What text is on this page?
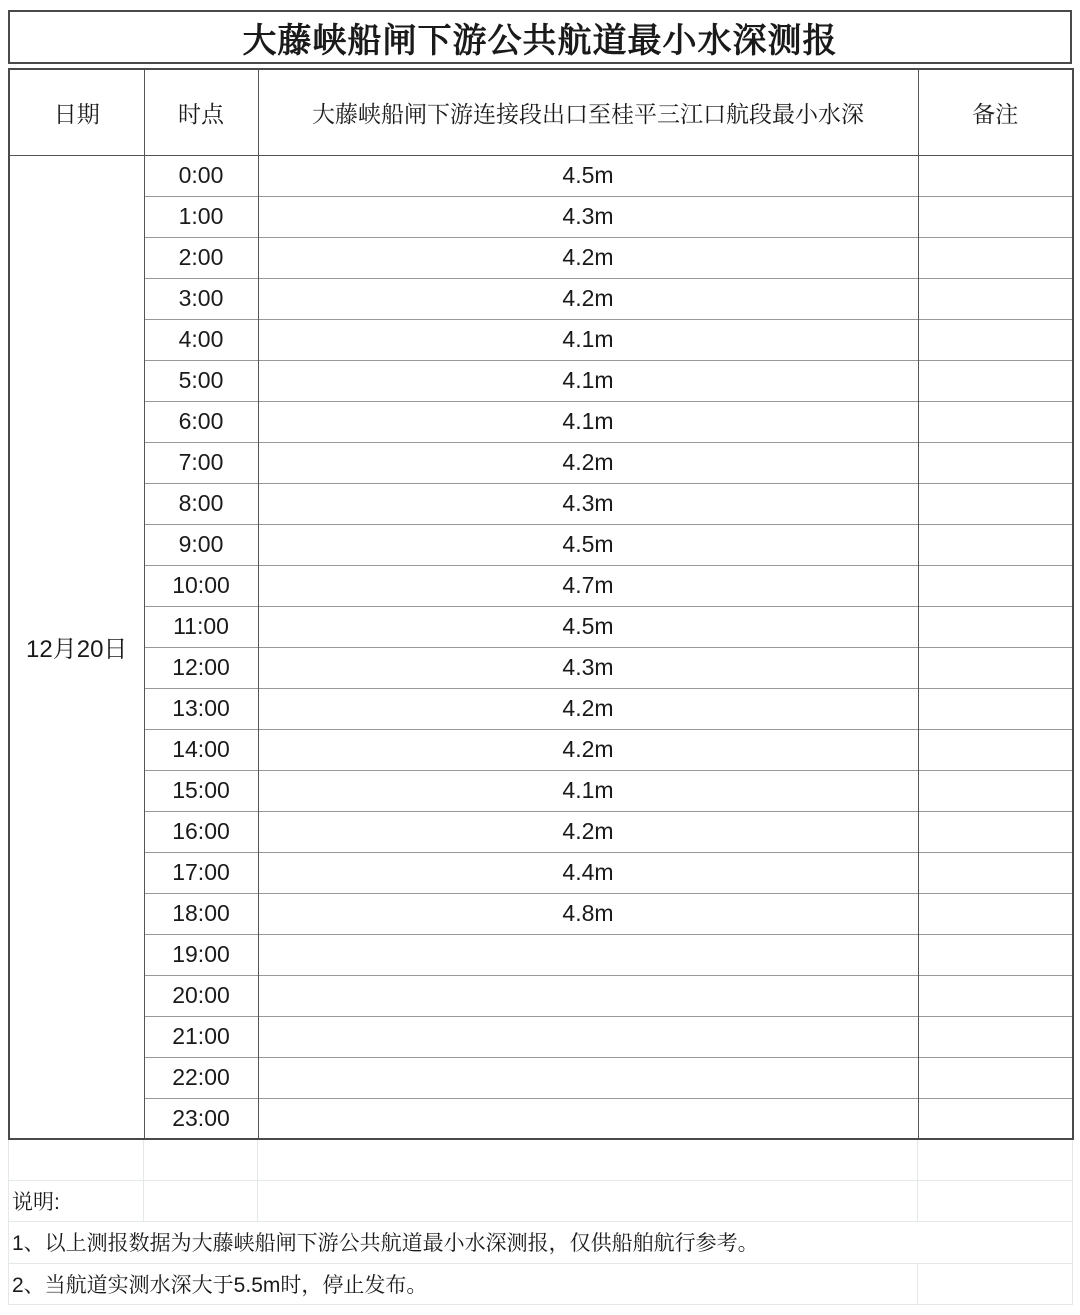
大藤峡船闸下游公共航道最小水深测报
日期	时点	大藤峡船闸下游连接段出口至桂平三江口航段最小水深	备注
12月20日	0:00	4.5m	
	1:00	4.3m	
	2:00	4.2m	
	3:00	4.2m	
	4:00	4.1m	
	5:00	4.1m	
	6:00	4.1m	
	7:00	4.2m	
	8:00	4.3m	
	9:00	4.5m	
	10:00	4.7m	
	11:00	4.5m	
	12:00	4.3m	
	13:00	4.2m	
	14:00	4.2m	
	15:00	4.1m	
	16:00	4.2m	
	17:00	4.4m	
	18:00	4.8m	
	19:00		
	20:00		
	21:00		
	22:00		
	23:00		

说明:			
1、以上测报数据为大藤峡船闸下游公共航道最小水深测报，仅供船舶航行参考。			
2、当航道实测水深大于5.5m时，停止发布。			
